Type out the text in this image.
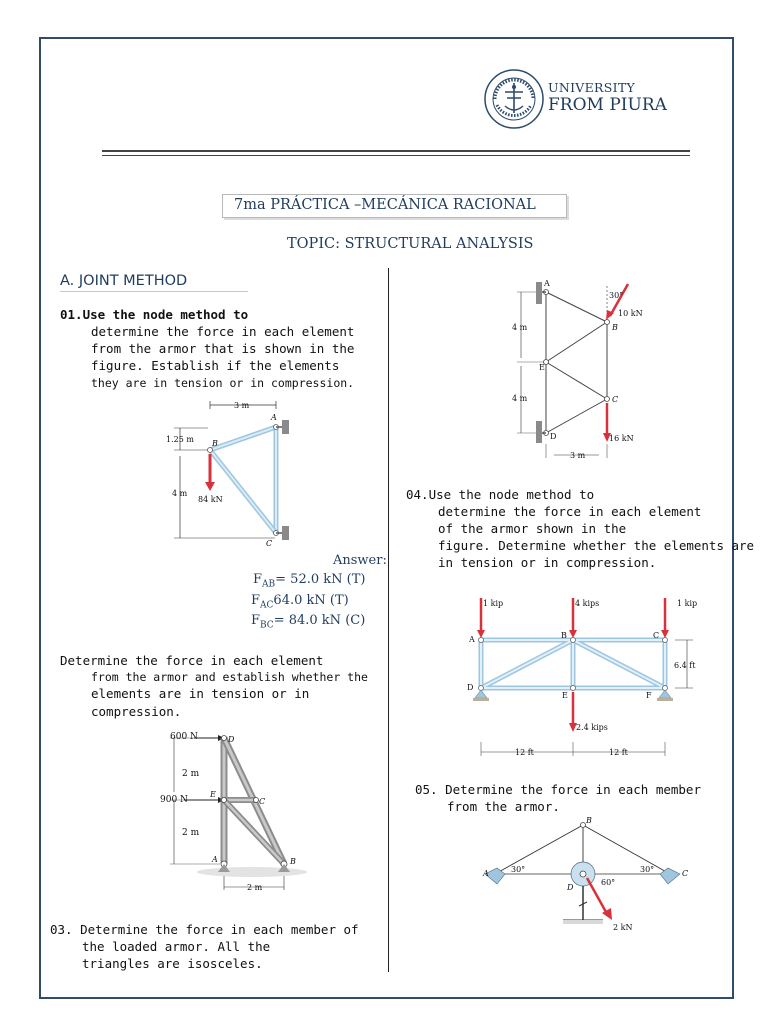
UNIVERSITY
FROM PIURA
7ma PRÁCTICA –MECÁNICA RACIONAL
TOPIC: STRUCTURAL ANALYSIS
A. JOINT METHOD
01.Use the node method to
determine the force in each element
from the armor that is shown in the
figure. Establish if the elements
they are in tension or in compression.
3 m
1.25 m
4 m
84 kN
B
A
C
Answer:
$F_{AB}= 52.0$ kN (T)
$F_{AC}64.0$ kN (T)
$F_{BC}= 84.0$ kN (C)
Determine the force in each element
from the armor and establish whether the
elements are in tension or in
compression.
2 m
2 m
600 N
900 N
D
E
C
A	B
2 m
03. Determine the force in each member of
the loaded armor. All the
triangles are isosceles.
4 m
4 m
30°
10 kN
16 kN
A
B
E
C
D
3 m
04.Use the node method to
determine the force in each element
of the armor shown in the
figure. Determine whether the elements are
in tension or in compression.
1 kip	4 kips	1 kip
2.4 kips
6.4 ft
12 ft	12 ft
A	B	C
D
E	F
05. Determine the force in each member
from the armor.
60°
2 kN
30°	30°
B
A	C
D
